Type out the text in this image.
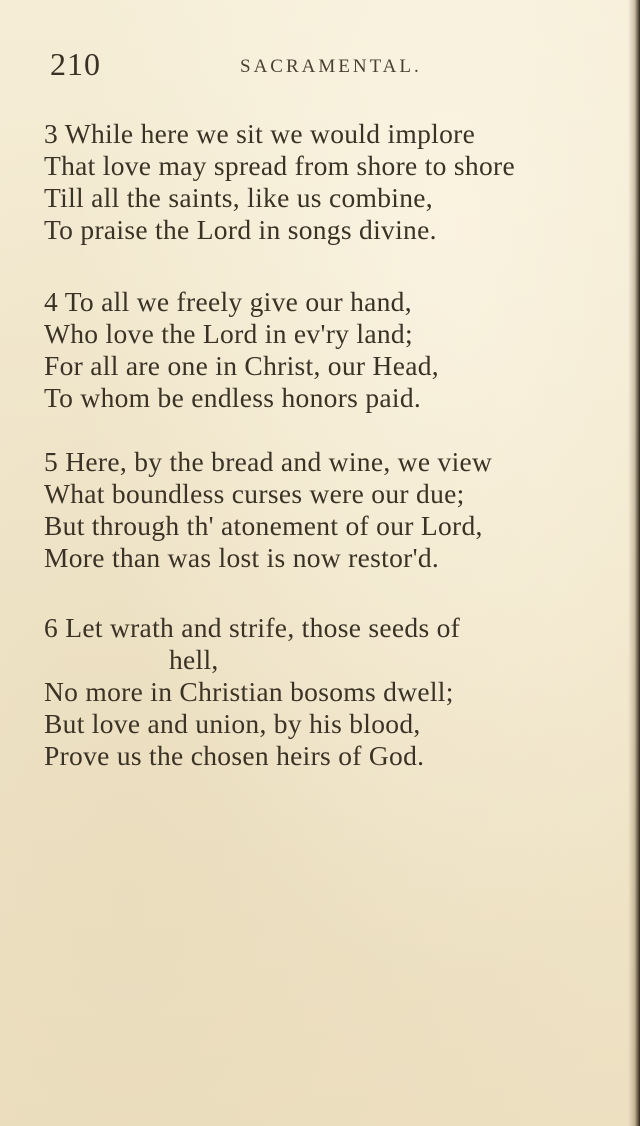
210	SACRAMENTAL.
3 While here we sit we would implore
That love may spread from shore to shore
Till all the saints, like us combine,
To praise the Lord in songs divine.
4 To all we freely give our hand,
Who love the Lord in ev'ry land;
For all are one in Christ, our Head,
To whom be endless honors paid.
5 Here, by the bread and wine, we view
What boundless curses were our due;
But through th' atonement of our Lord,
More than was lost is now restor'd.
6 Let wrath and strife, those seeds of
hell,
No more in Christian bosoms dwell;
But love and union, by his blood,
Prove us the chosen heirs of God.
